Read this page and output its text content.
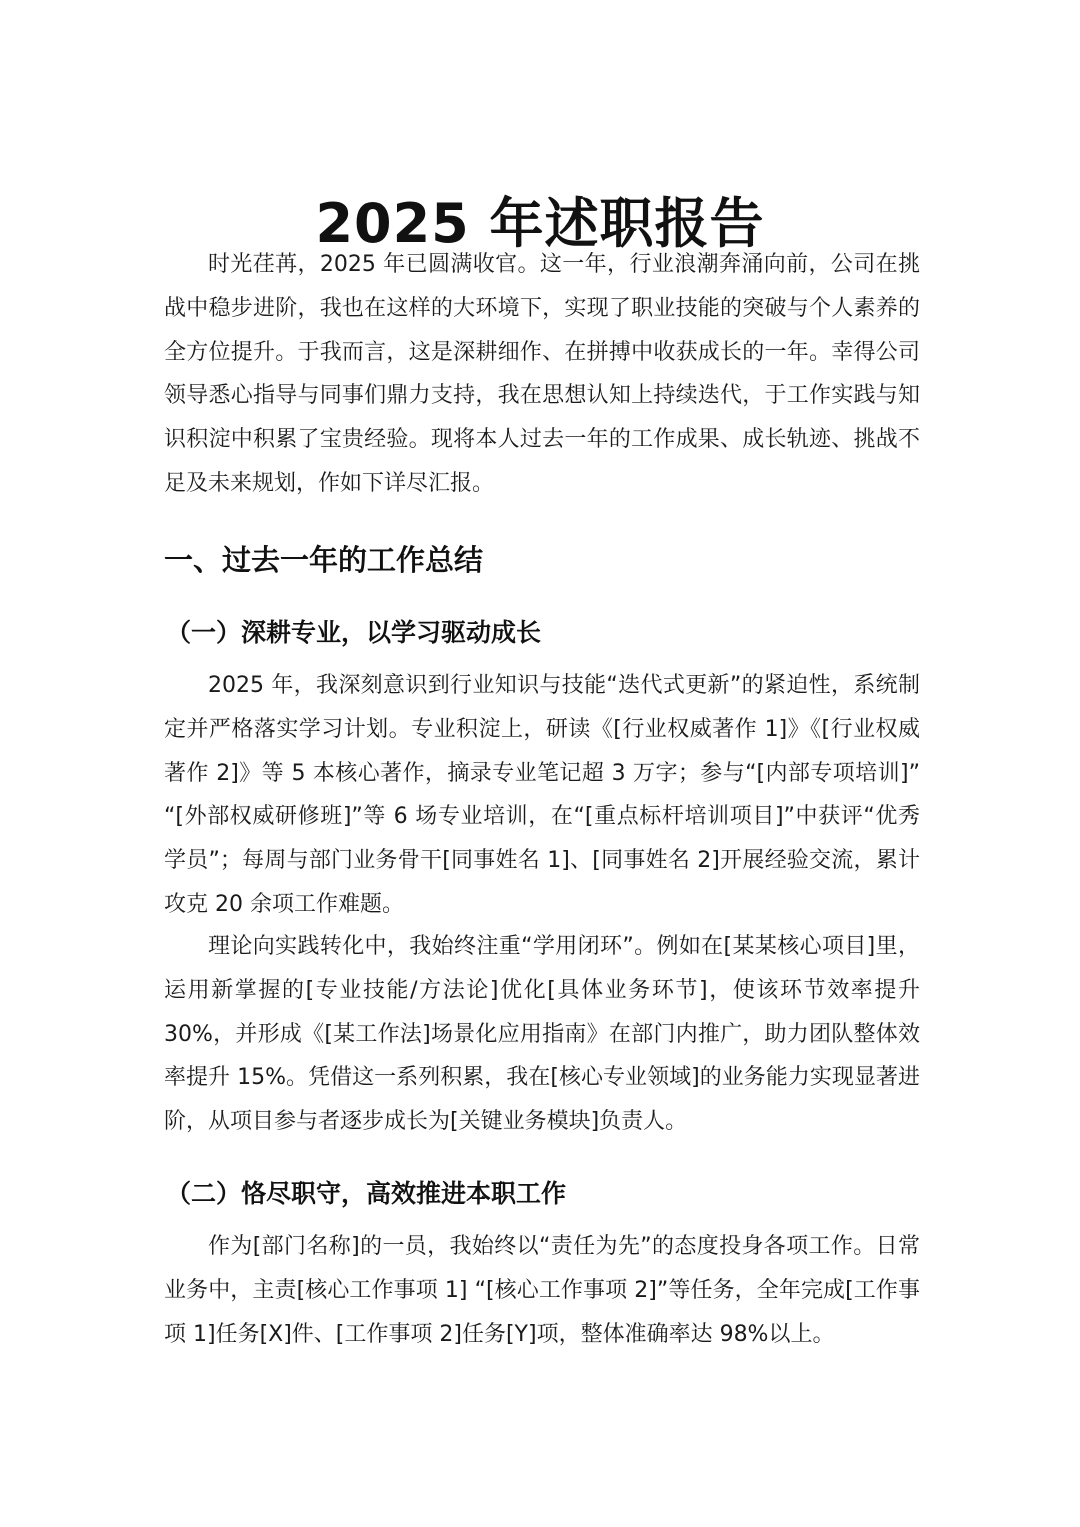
2025 年述职报告

时光荏苒，2025 年已圆满收官。这一年，行业浪潮奔涌向前，公司在挑战中稳步进阶，我也在这样的大环境下，实现了职业技能的突破与个人素养的全方位提升。于我而言，这是深耕细作、在拼搏中收获成长的一年。幸得公司领导悉心指导与同事们鼎力支持，我在思想认知上持续迭代，于工作实践与知识积淀中积累了宝贵经验。现将本人过去一年的工作成果、成长轨迹、挑战不足及未来规划，作如下详尽汇报。

一、过去一年的工作总结
（一）深耕专业，以学习驱动成长

2025 年，我深刻意识到行业知识与技能“迭代式更新”的紧迫性，系统制定并严格落实学习计划。专业积淀上，研读《[行业权威著作 1]》《[行业权威著作 2]》等 5 本核心著作，摘录专业笔记超 3 万字；参与“[内部专项培训]” “[外部权威研修班]”等 6 场专业培训，在“[重点标杆培训项目]”中获评“优秀学员”；每周与部门业务骨干[同事姓名 1]、[同事姓名 2]开展经验交流，累计攻克 20 余项工作难题。

理论向实践转化中，我始终注重“学用闭环”。例如在[某某核心项目]里，运用新掌握的[专业技能/方法论]优化[具体业务环节]，使该环节效率提升 30%，并形成《[某工作法]场景化应用指南》在部门内推广，助力团队整体效率提升 15%。凭借这一系列积累，我在[核心专业领域]的业务能力实现显著进阶，从项目参与者逐步成长为[关键业务模块]负责人。

（二）恪尽职守，高效推进本职工作

作为[部门名称]的一员，我始终以“责任为先”的态度投身各项工作。日常业务中，主责[核心工作事项 1] “[核心工作事项 2]”等任务，全年完成[工作事项 1]任务[X]件、[工作事项 2]任务[Y]项，整体准确率达 98%以上。
